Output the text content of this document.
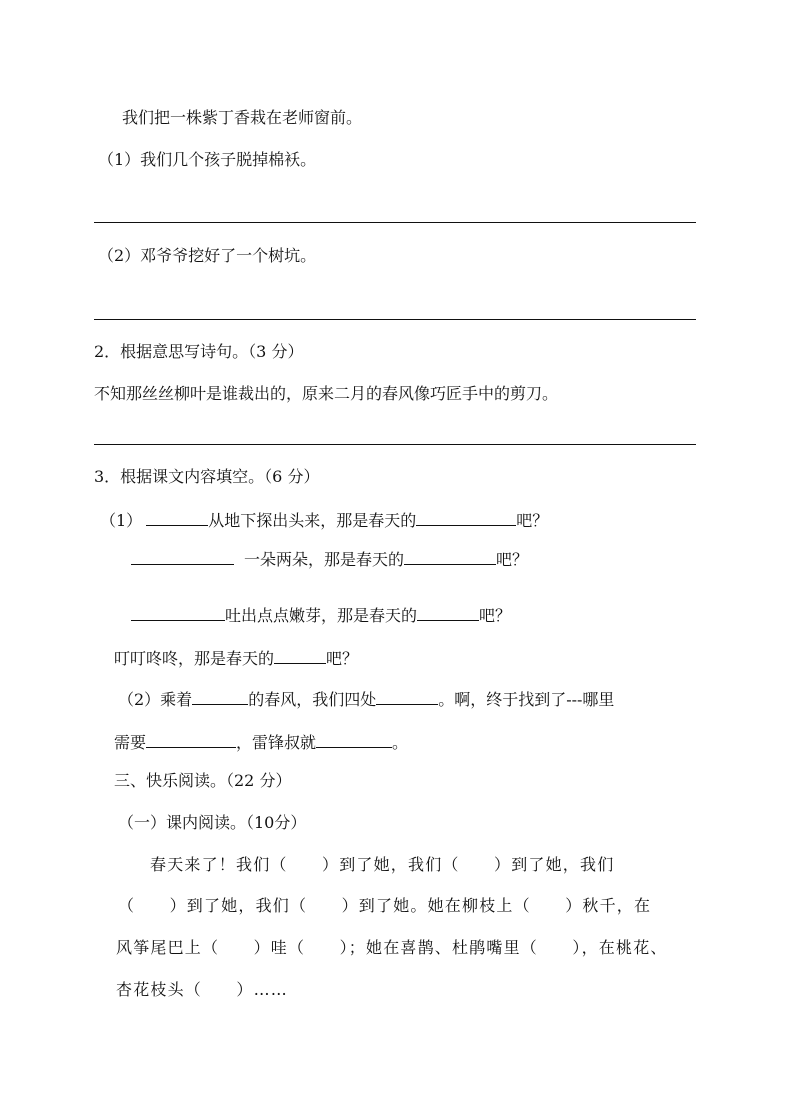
我们把一株紫丁香栽在老师窗前。
（1）我们几个孩子脱掉棉袄。
（2）邓爷爷挖好了一个树坑。
2．根据意思写诗句。（3 分）
不知那丝丝柳叶是谁裁出的，原来二月的春风像巧匠手中的剪刀。
3．根据课文内容填空。（6 分）
（1）	从地下探出头来，那是春天的	吧？
一朵两朵，那是春天的	吧？
吐出点点嫩芽，那是春天的	吧？
叮叮咚咚，那是春天的	吧？
（2）乘着	的春风，我们四处	。啊，终于找到了---哪里
需要	，雷锋叔就	。
三、快乐阅读。（22 分）
（一）课内阅读。（10分）
春天来了！我们（　　）到了她，我们（　　）到了她，我们
（　　）到了她，我们（　　）到了她。她在柳枝上（　　）秋千，在
风筝尾巴上（　　）哇（　　）；她在喜鹊、杜鹃嘴里（　　），在桃花、
杏花枝头（　　）……
